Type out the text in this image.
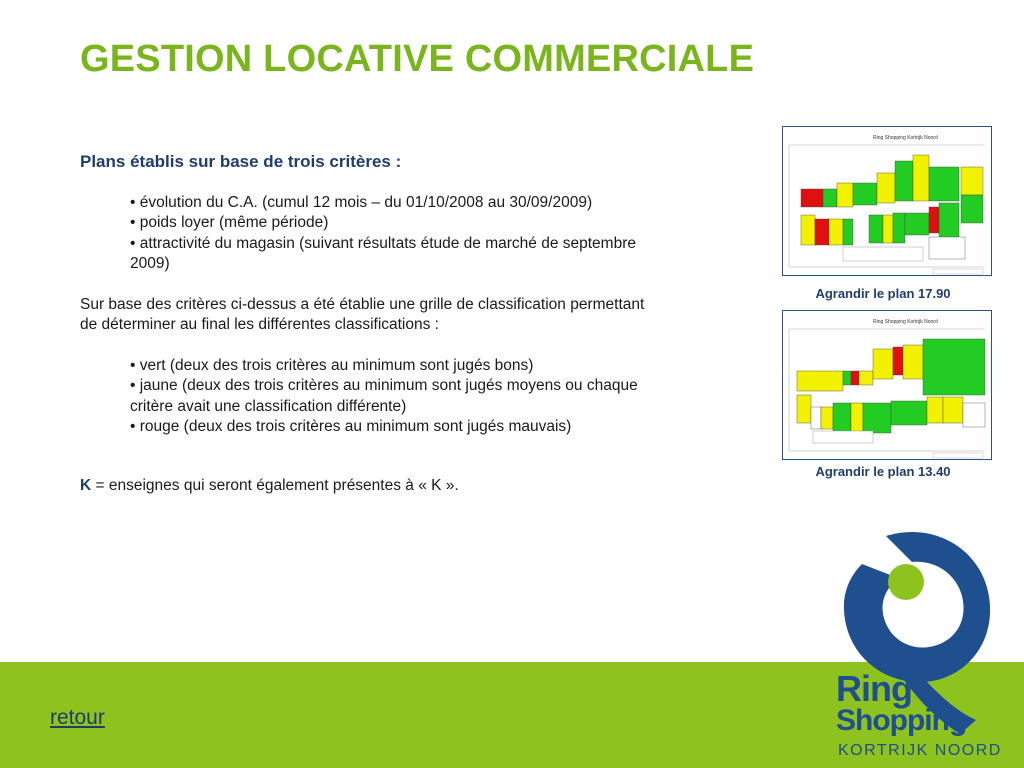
GESTION LOCATIVE COMMERCIALE
Plans établis sur base de trois critères :
• évolution du C.A. (cumul 12 mois – du 01/10/2008 au 30/09/2009)
• poids loyer (même période)
• attractivité du magasin (suivant résultats étude de marché de septembre 2009)
Sur base des critères ci-dessus a été établie une grille de classification permettant de déterminer au final les différentes classifications :
• vert (deux des trois critères au minimum sont jugés bons)
• jaune (deux des trois critères au minimum sont jugés moyens ou chaque critère avait une classification différente)
• rouge (deux des trois critères au minimum sont jugés mauvais)
K = enseignes qui seront également présentes à « K ».
Ring Shopping Kortrijk Noord
Agrandir le plan 17.90
Ring Shopping Kortrijk Noord
Agrandir le plan 13.40
retour
Ring
Shopping
KORTRIJK NOORD
